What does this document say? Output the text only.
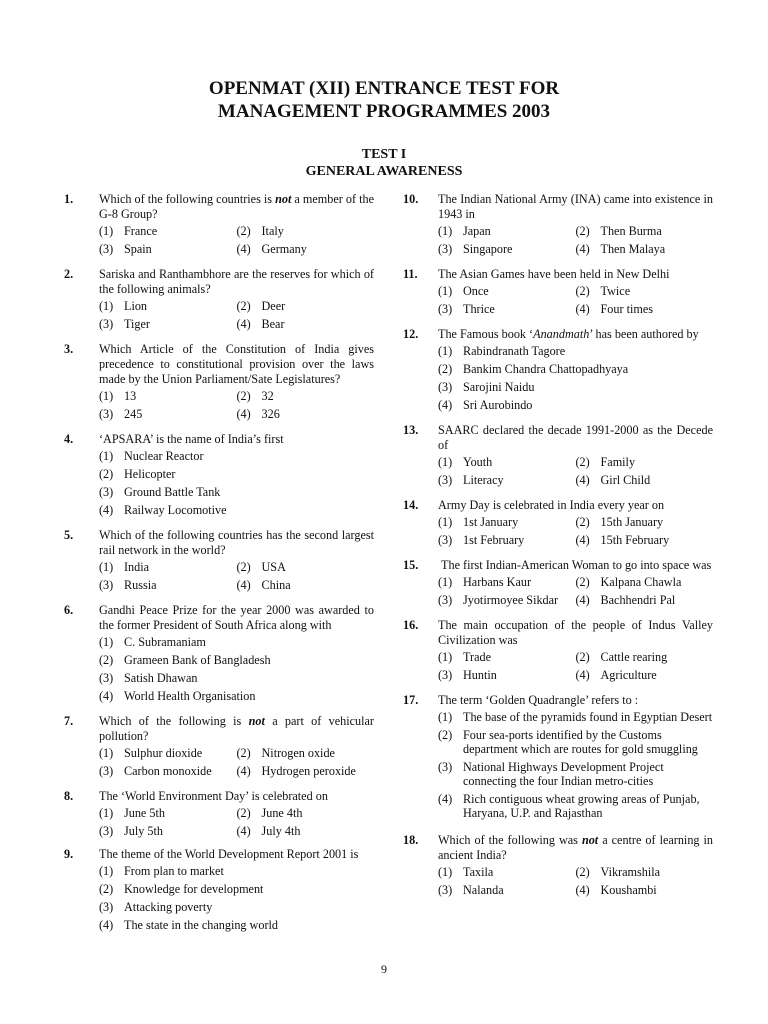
OPENMAT (XII) ENTRANCE TEST FOR
MANAGEMENT PROGRAMMES 2003
TEST I
GENERAL AWARENESS
1. Which of the following countries is not a member of the G-8 Group?
(1) France	(2) Italy
(3) Spain	(4) Germany
2. Sariska and Ranthambhore are the reserves for which of the following animals?
(1) Lion	(2) Deer
(3) Tiger	(4) Bear
3. Which Article of the Constitution of India gives precedence to constitutional provision over the laws made by the Union Parliament/Sate Legislatures?
(1) 13	(2) 32
(3) 245	(4) 326
4. ‘APSARA’ is the name of India’s first
(1) Nuclear Reactor
(2) Helicopter
(3) Ground Battle Tank
(4) Railway Locomotive
5. Which of the following countries has the second largest rail network in the world?
(1) India	(2) USA
(3) Russia	(4) China
6. Gandhi Peace Prize for the year 2000 was awarded to the former President of South Africa along with
(1) C. Subramaniam
(2) Grameen Bank of Bangladesh
(3) Satish Dhawan
(4) World Health Organisation
7. Which of the following is not a part of vehicular pollution?
(1) Sulphur dioxide	(2) Nitrogen oxide
(3) Carbon monoxide (4) Hydrogen peroxide
8. The ‘World Environment Day’ is celebrated on
(1) June 5th	(2) June 4th
(3) July 5th	(4) July 4th
9. The theme of the World Development Report 2001 is
(1) From plan to market
(2) Knowledge for development
(3) Attacking poverty
(4) The state in the changing world
10. The Indian National Army (INA) came into existence in 1943 in
(1) Japan	(2) Then Burma
(3) Singapore	(4) Then Malaya
11. The Asian Games have been held in New Delhi
(1) Once	(2) Twice
(3) Thrice	(4) Four times
12. The Famous book ‘Anandmath’ has been authored by
(1) Rabindranath Tagore
(2) Bankim Chandra Chattopadhyaya
(3) Sarojini Naidu
(4) Sri Aurobindo
13. SAARC declared the decade 1991-2000 as the Decede of
(1) Youth	(2) Family
(3) Literacy	(4) Girl Child
14. Army Day is celebrated in India every year on
(1) 1st January	(2) 15th January
(3) 1st February	(4) 15th February
15. The first Indian-American Woman to go into space was
(1) Harbans Kaur	(2) Kalpana Chawla
(3) Jyotirmoyee Sikdar (4) Bachhendri Pal
16. The main occupation of the people of Indus Valley Civilization was
(1) Trade	(2) Cattle rearing
(3) Huntin	(4) Agriculture
17. The term ‘Golden Quadrangle’ refers to :
(1) The base of the pyramids found in Egyptian Desert
(2) Four sea-ports identified by the Customs department which are routes for gold smuggling
(3) National Highways Development Project connecting the four Indian metro-cities
(4) Rich contiguous wheat growing areas of Punjab, Haryana, U.P. and Rajasthan
18. Which of the following was not a centre of learning in ancient India?
(1) Taxila	(2) Vikramshila
(3) Nalanda	(4) Koushambi
9
